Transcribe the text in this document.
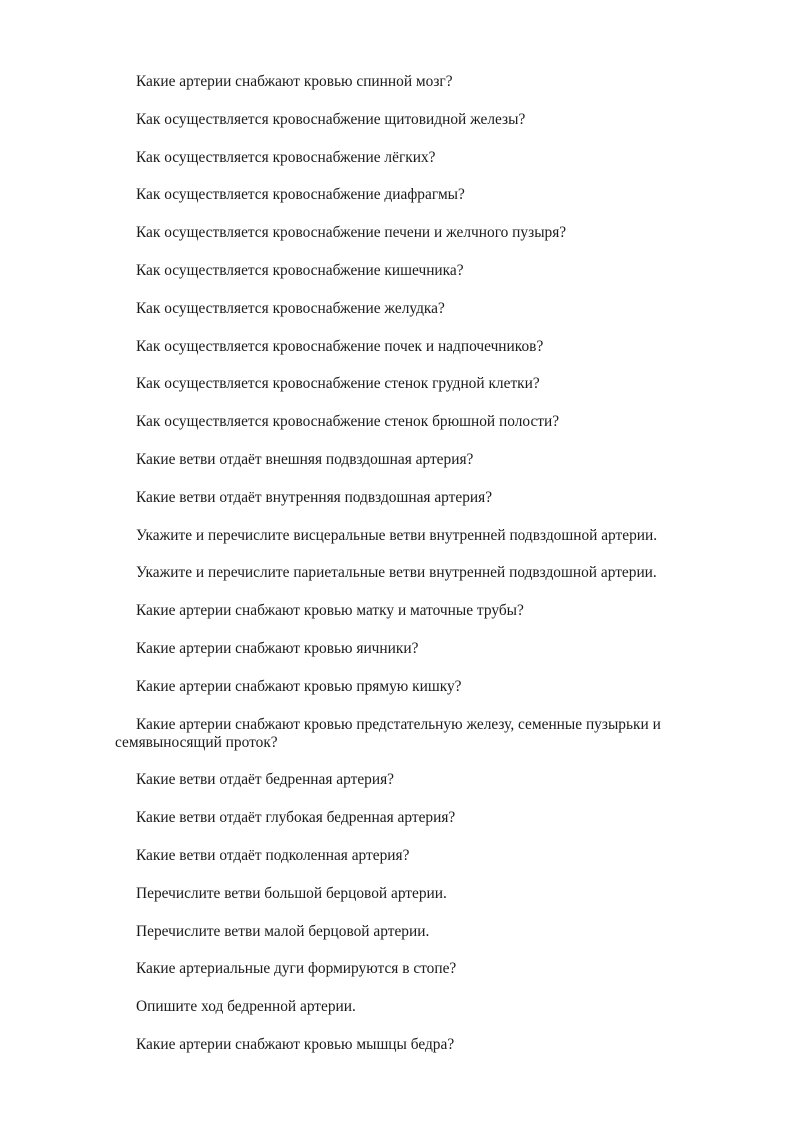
Какие артерии снабжают кровью спинной мозг?
Как осуществляется кровоснабжение щитовидной железы?
Как осуществляется кровоснабжение лёгких?
Как осуществляется кровоснабжение диафрагмы?
Как осуществляется кровоснабжение печени и желчного пузыря?
Как осуществляется кровоснабжение кишечника?
Как осуществляется кровоснабжение желудка?
Как осуществляется кровоснабжение почек и надпочечников?
Как осуществляется кровоснабжение стенок грудной клетки?
Как осуществляется кровоснабжение стенок брюшной полости?
Какие ветви отдаёт внешняя подвздошная артерия?
Какие ветви отдаёт внутренняя подвздошная артерия?
Укажите и перечислите висцеральные ветви внутренней подвздошной артерии.
Укажите и перечислите париетальные ветви внутренней подвздошной артерии.
Какие артерии снабжают кровью матку и маточные трубы?
Какие артерии снабжают кровью яичники?
Какие артерии снабжают кровью прямую кишку?
Какие артерии снабжают кровью предстательную железу, семенные пузырьки и семявыносящий проток?
Какие ветви отдаёт бедренная артерия?
Какие ветви отдаёт глубокая бедренная артерия?
Какие ветви отдаёт подколенная артерия?
Перечислите ветви большой берцовой артерии.
Перечислите ветви малой берцовой артерии.
Какие артериальные дуги формируются в стопе?
Опишите ход бедренной артерии.
Какие артерии снабжают кровью мышцы бедра?
